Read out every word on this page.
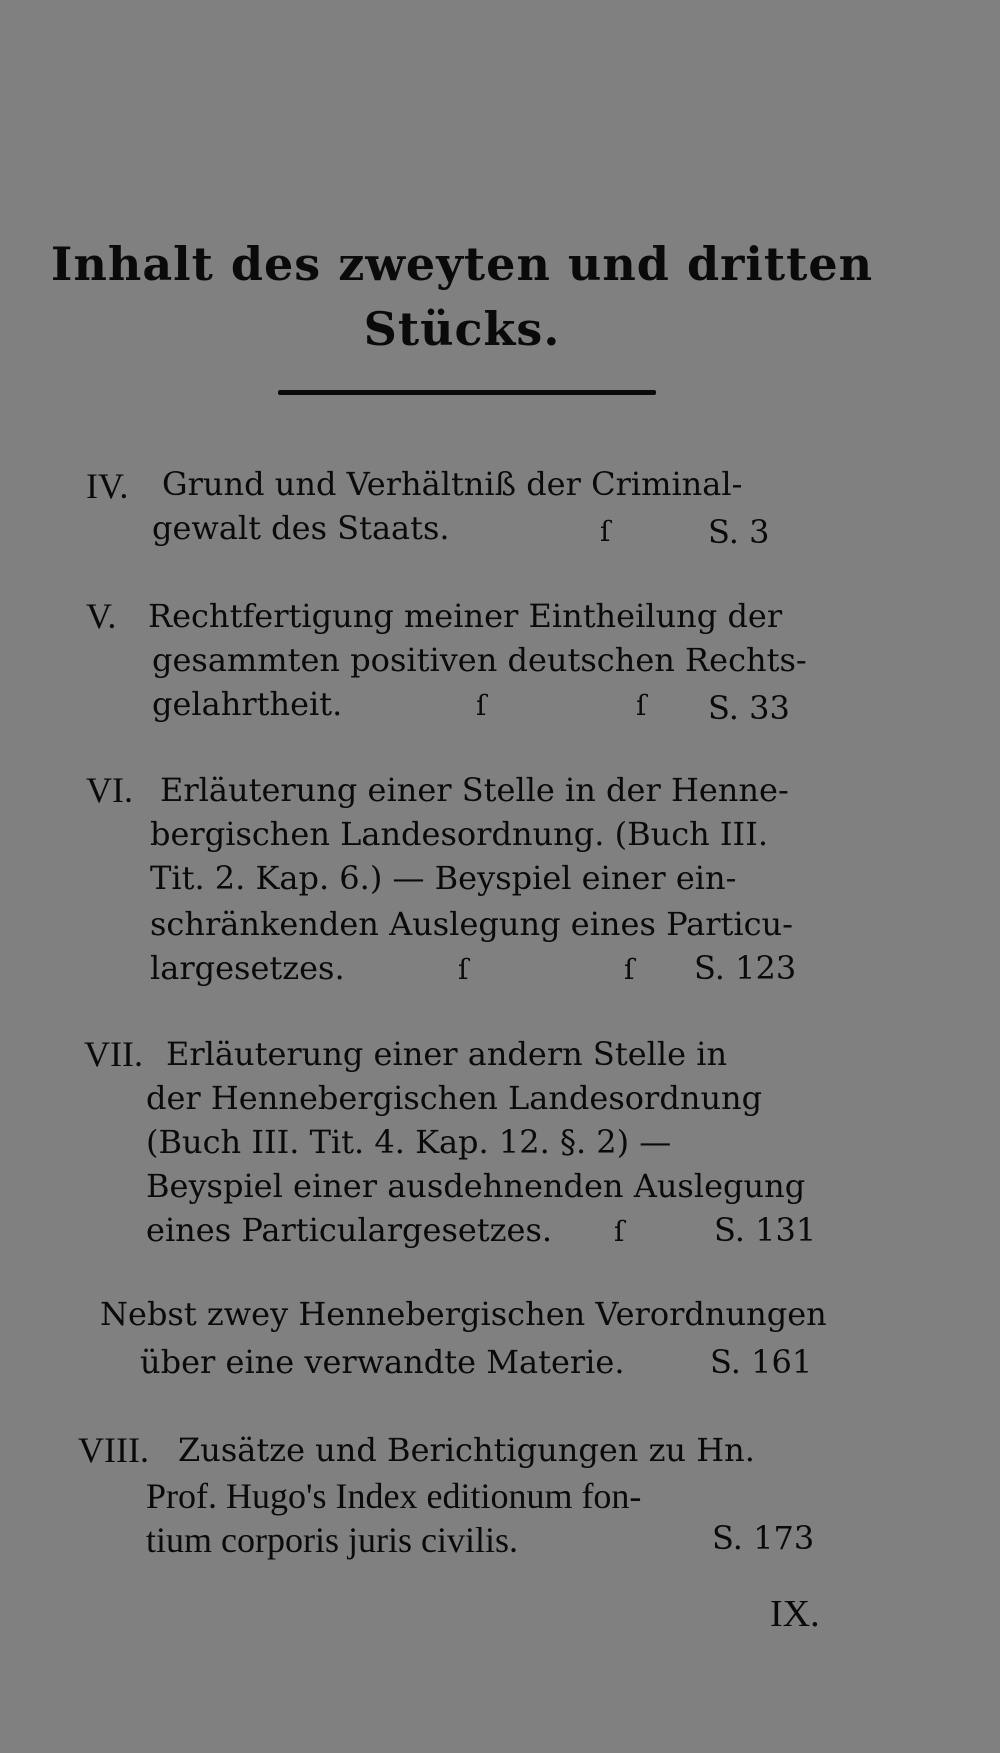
Inhalt des zweyten und dritten
Stücks.
IV. Grund und Verhältniß der Criminal-
gewalt des Staats.	ſ	S. 3
V. Rechtfertigung meiner Eintheilung der
gesammten positiven deutschen Rechts-
gelahrtheit.	ſ	ſ S. 33
VI. Erläuterung einer Stelle in der Henne-
bergischen Landesordnung. (Buch III.
Tit. 2. Kap. 6.) — Beyspiel einer ein-
schränkenden Auslegung eines Particu-
largesetzes.	ſ	ſ S. 123
VII. Erläuterung einer andern Stelle in
der Hennebergischen Landesordnung
(Buch III. Tit. 4. Kap. 12. §. 2) —
Beyspiel einer ausdehnenden Auslegung
eines Particulargesetzes. ſ	S. 131
Nebst zwey Hennebergischen Verordnungen
über eine verwandte Materie.	S. 161
VIII. Zusätze und Berichtigungen zu Hn.
Prof. Hugo's Index editionum fon-
tium corporis juris civilis.	S. 173
IX.
